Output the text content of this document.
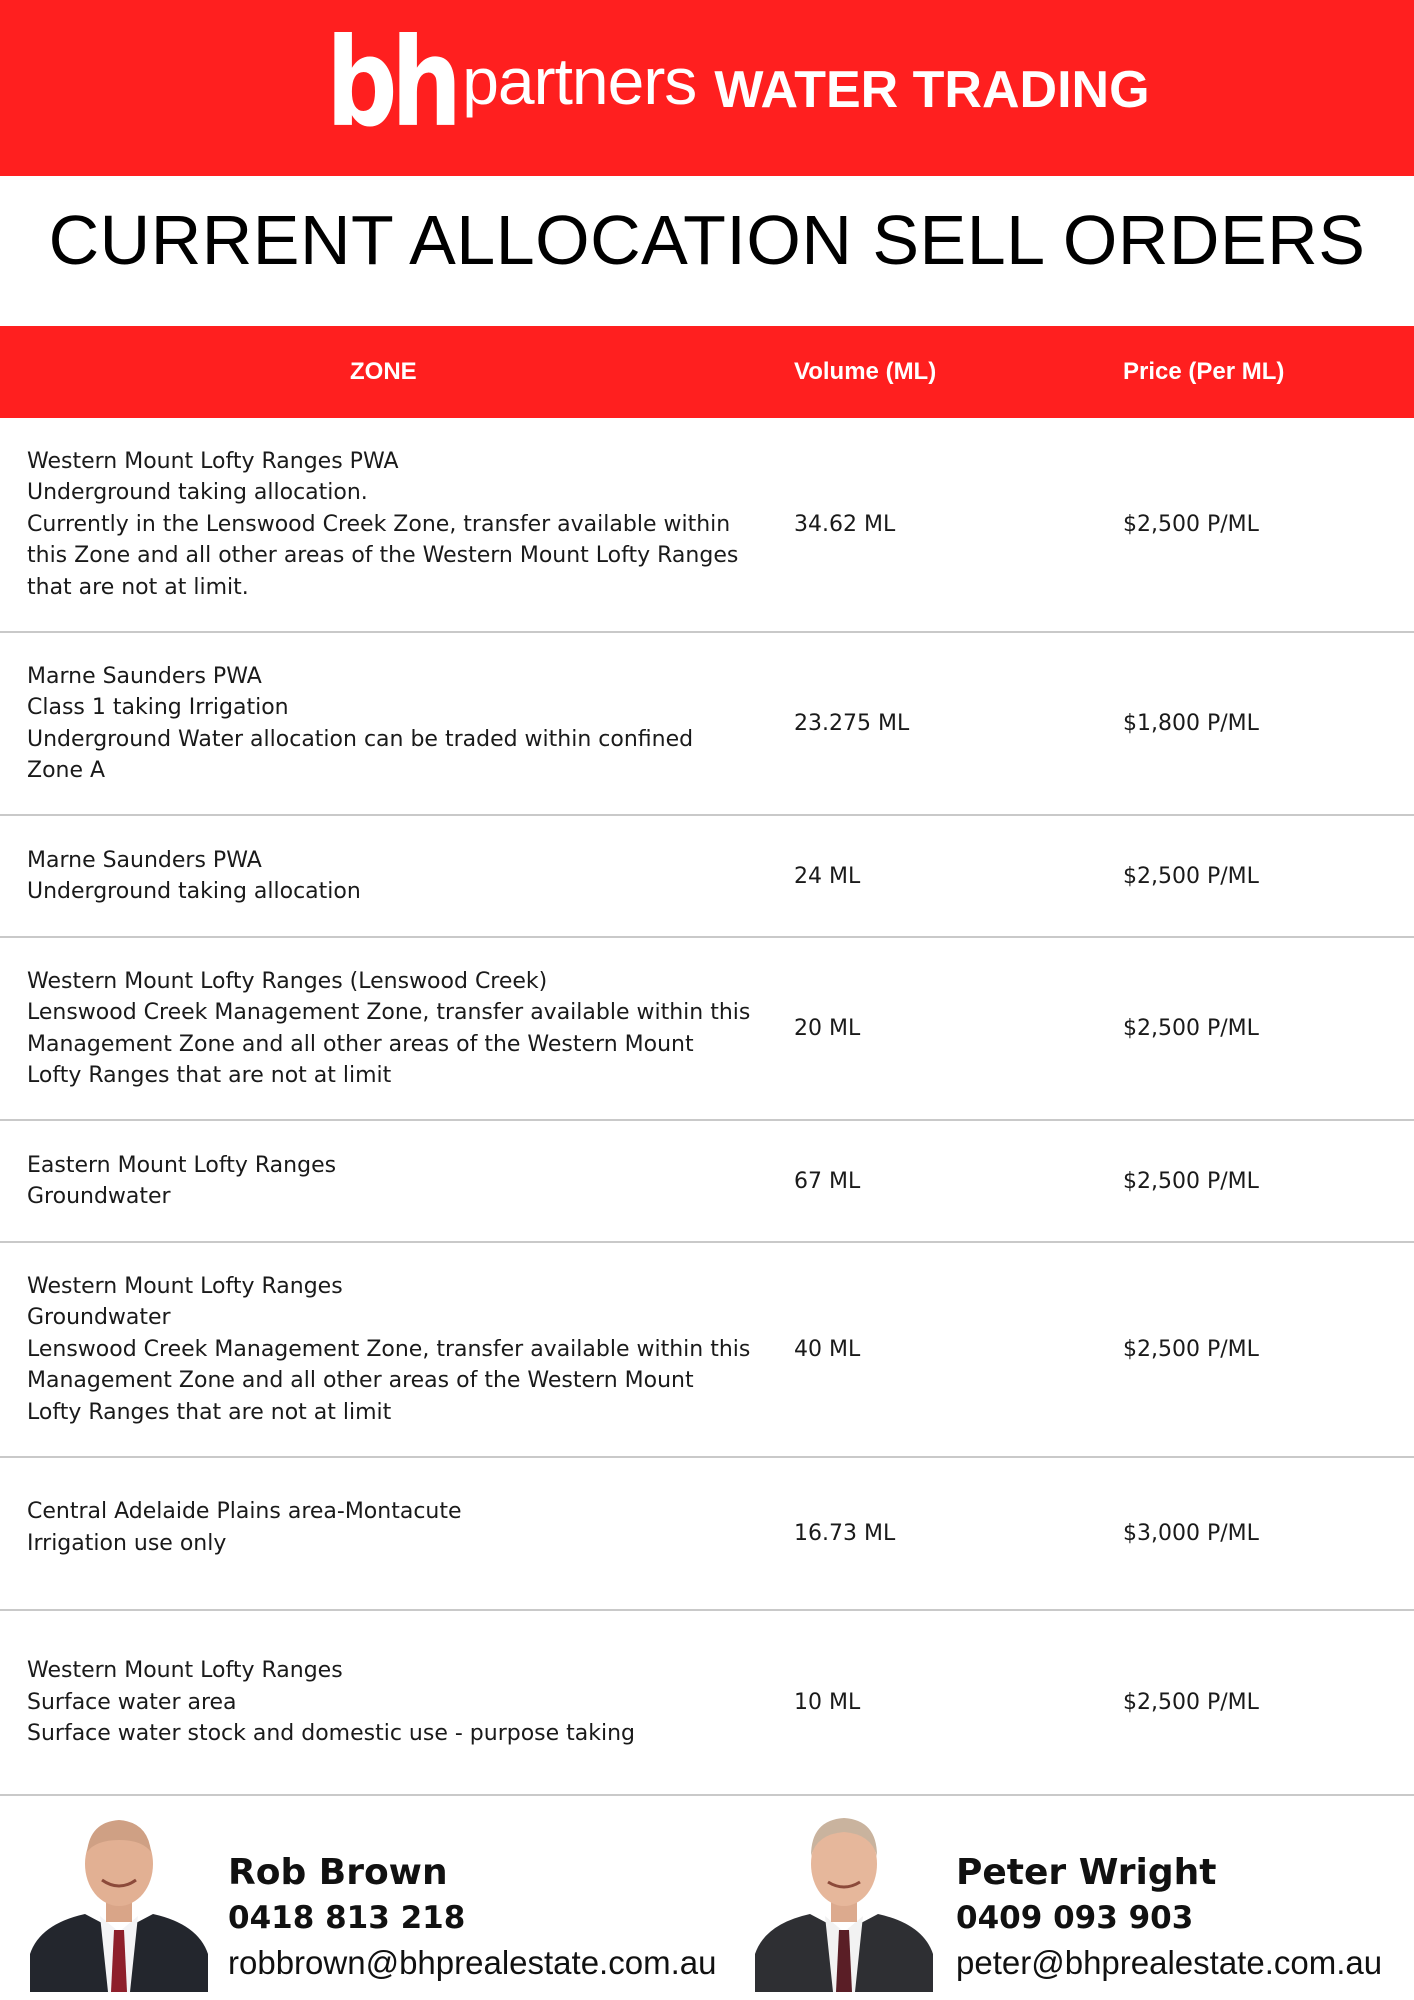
bh partners WATER TRADING
CURRENT ALLOCATION SELL ORDERS
ZONE	Volume (ML)	Price (Per ML)
Western Mount Lofty Ranges PWA
Underground taking allocation.
Currently in the Lenswood Creek Zone, transfer available within
this Zone and all other areas of the Western Mount Lofty Ranges
that are not at limit.
34.62 ML	$2,500 P/ML
Marne Saunders PWA
Class 1 taking Irrigation
Underground Water allocation can be traded within confined
Zone A
23.275 ML	$1,800 P/ML
Marne Saunders PWA
Underground taking allocation
24 ML	$2,500 P/ML
Western Mount Lofty Ranges (Lenswood Creek)
Lenswood Creek Management Zone, transfer available within this
Management Zone and all other areas of the Western Mount
Lofty Ranges that are not at limit
20 ML	$2,500 P/ML
Eastern Mount Lofty Ranges
Groundwater
67 ML	$2,500 P/ML
Western Mount Lofty Ranges
Groundwater
Lenswood Creek Management Zone, transfer available within this
Management Zone and all other areas of the Western Mount
Lofty Ranges that are not at limit
40 ML	$2,500 P/ML
Central Adelaide Plains area-Montacute
Irrigation use only	16.73 ML	$3,000 P/ML
Western Mount Lofty Ranges
Surface water area
Surface water stock and domestic use - purpose taking
10 ML	$2,500 P/ML
Rob Brown
0418 813 218
robbrown@bhprealestate.com.au
Peter Wright
0409 093 903
peter@bhprealestate.com.au
